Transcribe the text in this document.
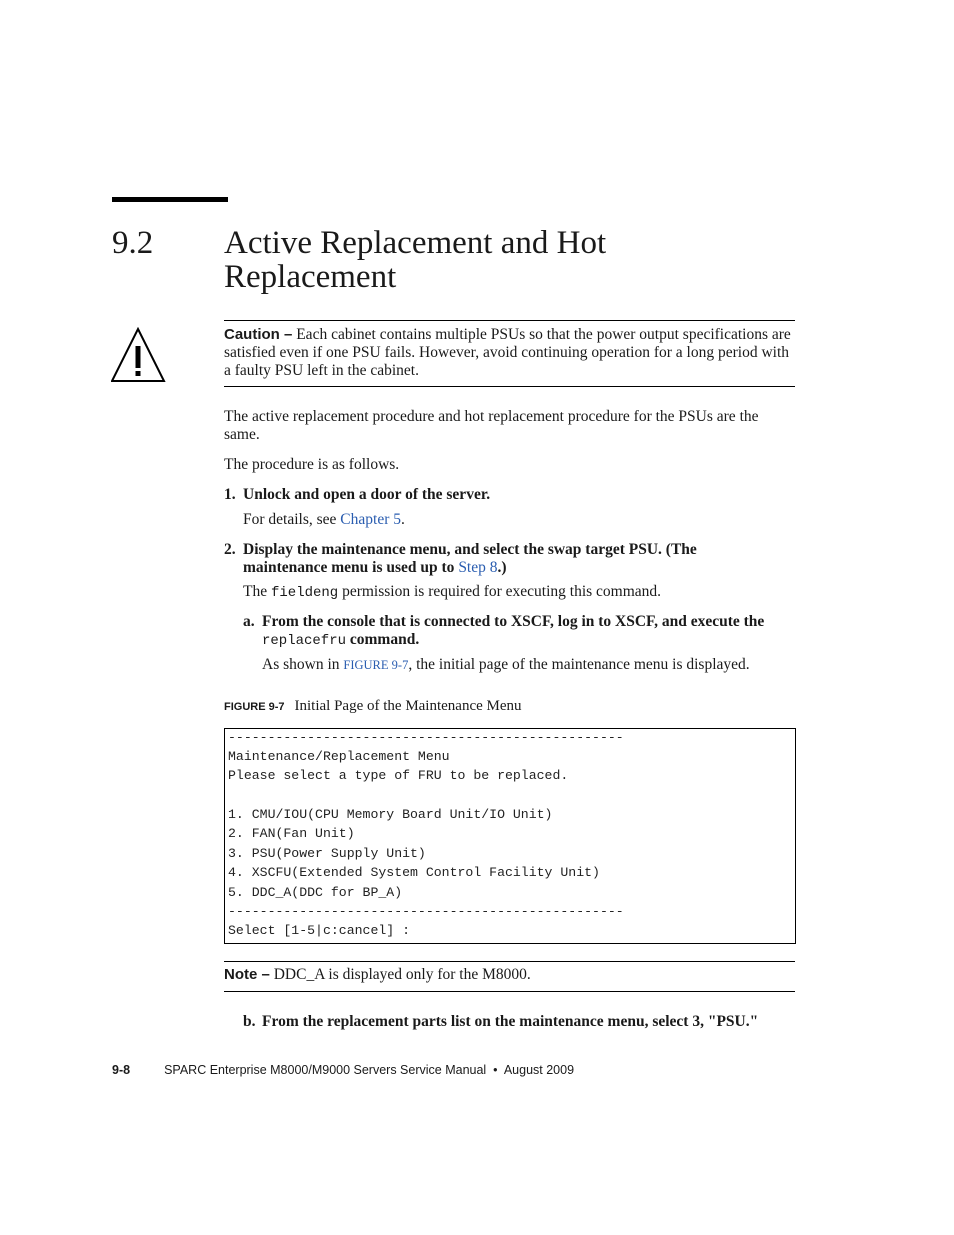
9.2 Active Replacement and Hot Replacement
Caution – Each cabinet contains multiple PSUs so that the power output specifications are satisfied even if one PSU fails. However, avoid continuing operation for a long period with a faulty PSU left in the cabinet.
The active replacement procedure and hot replacement procedure for the PSUs are the same.
The procedure is as follows.
1. Unlock and open a door of the server.
For details, see Chapter 5.
2. Display the maintenance menu, and select the swap target PSU. (The
maintenance menu is used up to Step 8.)
The fieldeng permission is required for executing this command.
a. From the console that is connected to XSCF, log in to XSCF, and execute the
replacefru command.
As shown in FIGURE 9-7, the initial page of the maintenance menu is displayed.
FIGURE 9-7 Initial Page of the Maintenance Menu
--------------------------------------------------
Maintenance/Replacement Menu
Please select a type of FRU to be replaced.
1. CMU/IOU(CPU Memory Board Unit/IO Unit)
2. FAN(Fan Unit)
3. PSU(Power Supply Unit)
4. XSCFU(Extended System Control Facility Unit)
5. DDC_A(DDC for BP_A)
--------------------------------------------------
Select [1-5|c:cancel] :
Note – DDC_A is displayed only for the M8000.
b. From the replacement parts list on the maintenance menu, select 3, "PSU."
9-8	SPARC Enterprise M8000/M9000 Servers Service Manual • August 2009
